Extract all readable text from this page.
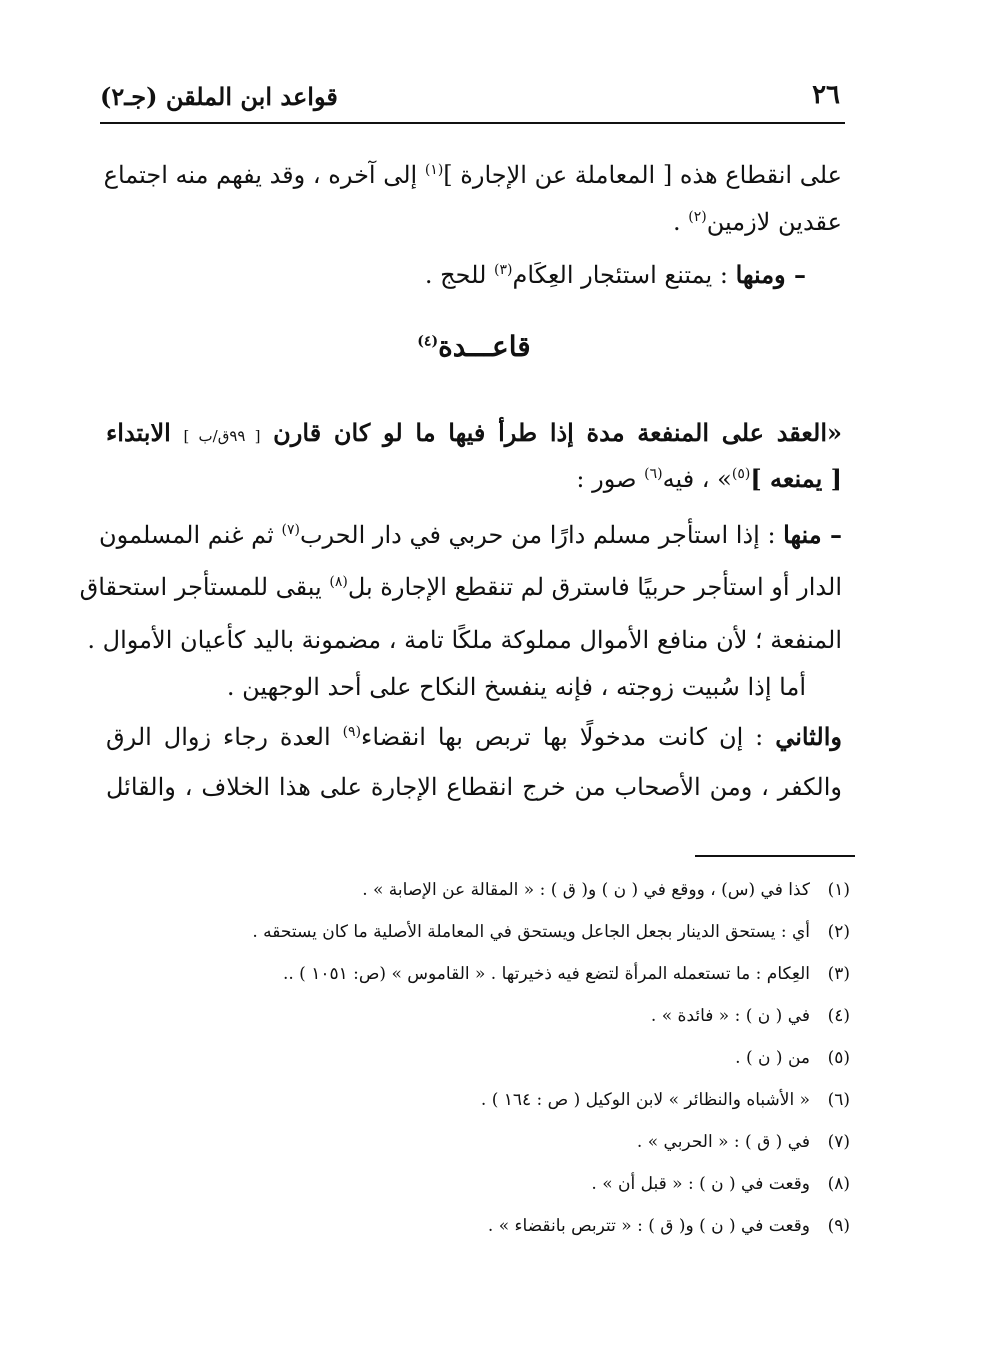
قواعد ابن الملقن (جـ٢)	٢٦
على انقطاع هذه [ المعاملة عن الإجارة ]$^{(١)}$ إلى آخره ، وقد يفهم منه اجتماع
عقدين لازمين$^{(٢)}$ .
– ومنها : يمتنع استئجار العِكَام$^{(٣)}$ للحج .
قاعـــدة$^{(٤)}$
«العقد على المنفعة مدة إذا طرأ فيها ما لو كان قارن [ ٩٩ق/ب ] الابتداء
[ يمنعه ]$^{(٥)}$» ، فيه$^{(٦)}$ صور :
– منها : إذا استأجر مسلم دارًا من حربي في دار الحرب$^{(٧)}$ ثم غنم المسلمون
الدار أو استأجر حربيًا فاسترق لم تنقطع الإجارة بل$^{(٨)}$ يبقى للمستأجر استحقاق
المنفعة ؛ لأن منافع الأموال مملوكة ملكًا تامة ، مضمونة باليد كأعيان الأموال .
أما إذا سُبيت زوجته ، فإنه ينفسخ النكاح على أحد الوجهين .
والثاني : إن كانت مدخولًا بها تربص بها انقضاء$^{(٩)}$ العدة رجاء زوال الرق
والكفر ، ومن الأصحاب من خرج انقطاع الإجارة على هذا الخلاف ، والقائل
(١)كذا في (س) ، ووقع في ( ن ) و( ق ) : « المقالة عن الإصابة » .
(٢)أي : يستحق الدينار بجعل الجاعل ويستحق في المعاملة الأصلية ما كان يستحقه .
(٣)العِكام : ما تستعمله المرأة لتضع فيه ذخيرتها . « القاموس » (ص: ١٠٥١ ) ..
(٤)في ( ن ) : « فائدة » .
(٥)من ( ن ) .
(٦)« الأشباه والنظائر » لابن الوكيل ( ص : ١٦٤ ) .
(٧)في ( ق ) : « الحربي » .
(٨)وقعت في ( ن ) : « قبل أن » .
(٩)وقعت في ( ن ) و( ق ) : « تتربص بانقضاء » .
